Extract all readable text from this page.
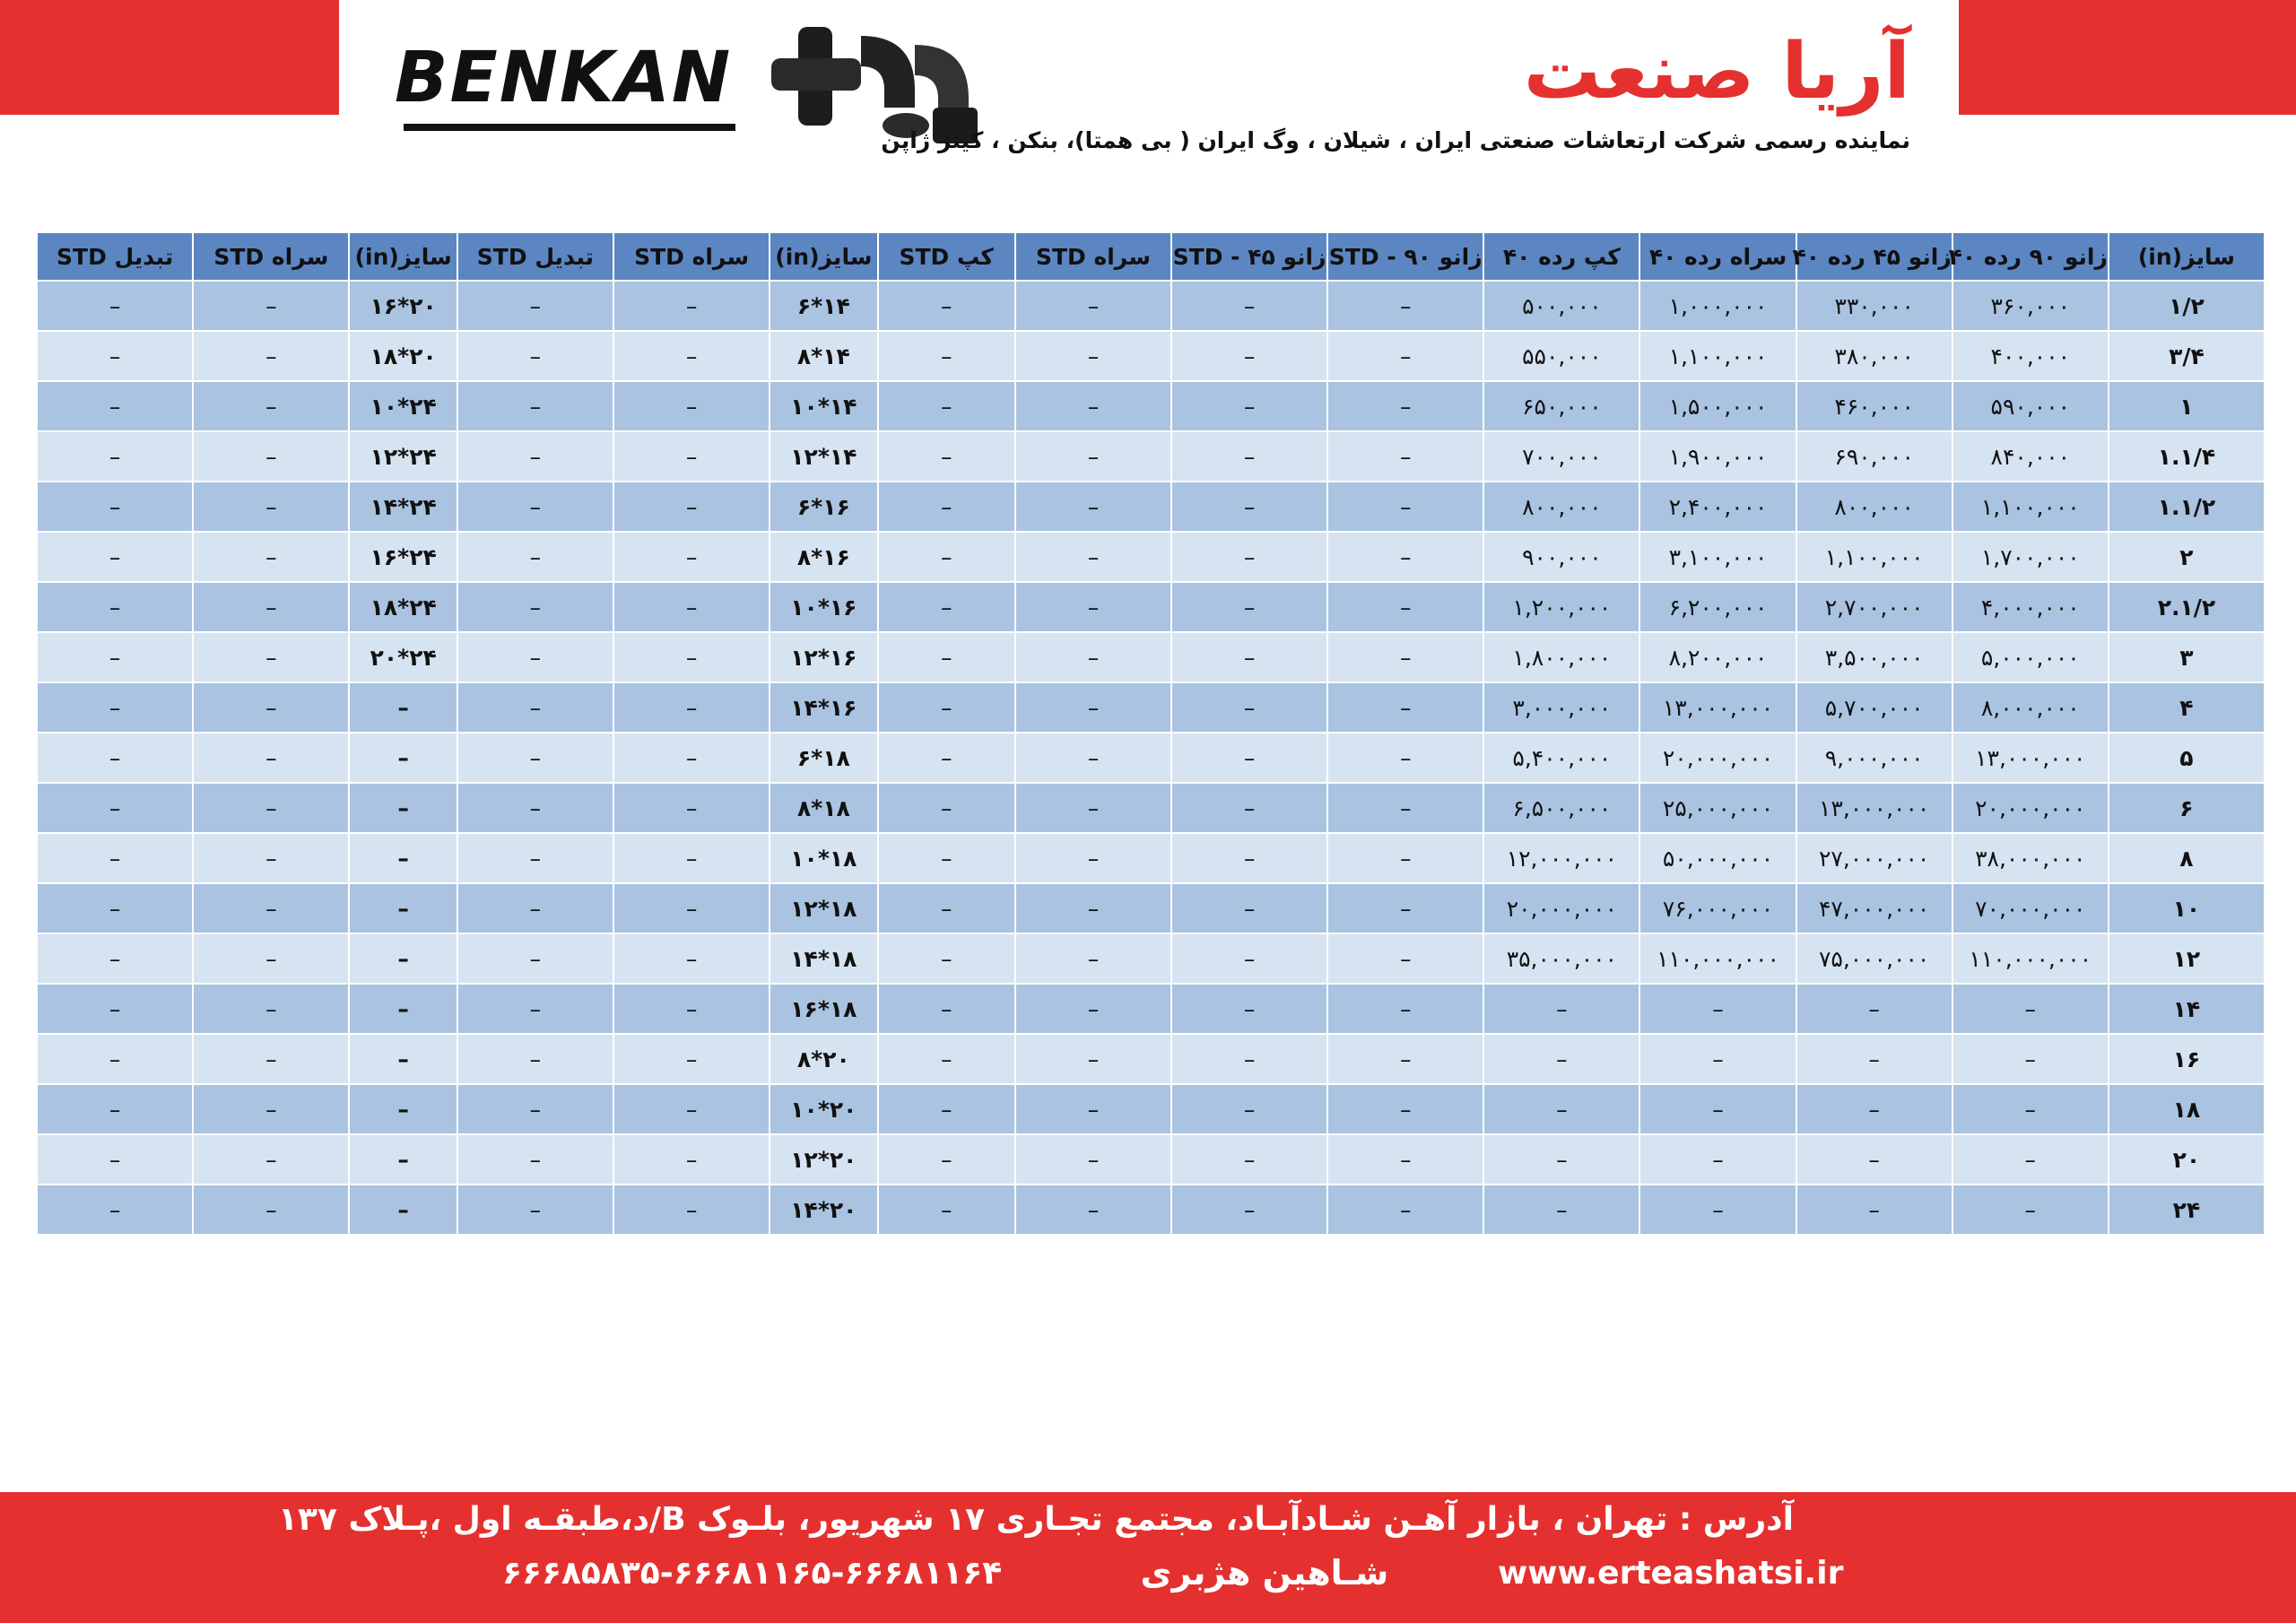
BENKAN	آریا صنعت
نماینده رسمی شرکت ارتعاشات صنعتی ایران ، شیلان ، وگ ایران ( بی همتا)، بنکن ، کیتز ژاپن
سایز(in)	زانو ۹۰ رده ۴۰	زانو ۴۵ رده ۴۰	سراه رده ۴۰	کپ رده ۴۰	زانو ۹۰ - STD	زانو ۴۵ - STD	سراه STD	کپ STD	سایز(in)	سراه STD	تبدیل STD	سایز(in)	سراه STD	تبدیل STD
۱/۲	۳۶۰,۰۰۰	۳۳۰,۰۰۰	۱,۰۰۰,۰۰۰	۵۰۰,۰۰۰	–	–	–	–	۱۴*۶	–	–	۲۰*۱۶	–	–
۳/۴	۴۰۰,۰۰۰	۳۸۰,۰۰۰	۱,۱۰۰,۰۰۰	۵۵۰,۰۰۰	–	–	–	–	۱۴*۸	–	–	۲۰*۱۸	–	–
۱	۵۹۰,۰۰۰	۴۶۰,۰۰۰	۱,۵۰۰,۰۰۰	۶۵۰,۰۰۰	–	–	–	–	۱۴*۱۰	–	–	۲۴*۱۰	–	–
۱.۱/۴	۸۴۰,۰۰۰	۶۹۰,۰۰۰	۱,۹۰۰,۰۰۰	۷۰۰,۰۰۰	–	–	–	–	۱۴*۱۲	–	–	۲۴*۱۲	–	–
۱.۱/۲	۱,۱۰۰,۰۰۰	۸۰۰,۰۰۰	۲,۴۰۰,۰۰۰	۸۰۰,۰۰۰	–	–	–	–	۱۶*۶	–	–	۲۴*۱۴	–	–
۲	۱,۷۰۰,۰۰۰	۱,۱۰۰,۰۰۰	۳,۱۰۰,۰۰۰	۹۰۰,۰۰۰	–	–	–	–	۱۶*۸	–	–	۲۴*۱۶	–	–
۲.۱/۲	۴,۰۰۰,۰۰۰	۲,۷۰۰,۰۰۰	۶,۲۰۰,۰۰۰	۱,۲۰۰,۰۰۰	–	–	–	–	۱۶*۱۰	–	–	۲۴*۱۸	–	–
۳	۵,۰۰۰,۰۰۰	۳,۵۰۰,۰۰۰	۸,۲۰۰,۰۰۰	۱,۸۰۰,۰۰۰	–	–	–	–	۱۶*۱۲	–	–	۲۴*۲۰	–	–
۴	۸,۰۰۰,۰۰۰	۵,۷۰۰,۰۰۰	۱۳,۰۰۰,۰۰۰	۳,۰۰۰,۰۰۰	–	–	–	–	۱۶*۱۴	–	–	–	–	–
۵	۱۳,۰۰۰,۰۰۰	۹,۰۰۰,۰۰۰	۲۰,۰۰۰,۰۰۰	۵,۴۰۰,۰۰۰	–	–	–	–	۱۸*۶	–	–	–	–	–
۶	۲۰,۰۰۰,۰۰۰	۱۳,۰۰۰,۰۰۰	۲۵,۰۰۰,۰۰۰	۶,۵۰۰,۰۰۰	–	–	–	–	۱۸*۸	–	–	–	–	–
۸	۳۸,۰۰۰,۰۰۰	۲۷,۰۰۰,۰۰۰	۵۰,۰۰۰,۰۰۰	۱۲,۰۰۰,۰۰۰	–	–	–	–	۱۸*۱۰	–	–	–	–	–
۱۰	۷۰,۰۰۰,۰۰۰	۴۷,۰۰۰,۰۰۰	۷۶,۰۰۰,۰۰۰	۲۰,۰۰۰,۰۰۰	–	–	–	–	۱۸*۱۲	–	–	–	–	–
۱۲	۱۱۰,۰۰۰,۰۰۰	۷۵,۰۰۰,۰۰۰	۱۱۰,۰۰۰,۰۰۰	۳۵,۰۰۰,۰۰۰	–	–	–	–	۱۸*۱۴	–	–	–	–	–
۱۴	–	–	–	–	–	–	–	–	۱۸*۱۶	–	–	–	–	–
۱۶	–	–	–	–	–	–	–	–	۲۰*۸	–	–	–	–	–
۱۸	–	–	–	–	–	–	–	–	۲۰*۱۰	–	–	–	–	–
۲۰	–	–	–	–	–	–	–	–	۲۰*۱۲	–	–	–	–	–
۲۴	–	–	–	–	–	–	–	–	۲۰*۱۴	–	–	–	–	–
آدرس : تهران ، بازار آهـن شـادآبـاد، مجتمع تجـاری ۱۷ شهریور، بلـوک B/د،طبقـه اول ،پـلاک ۱۳۷
www.erteashatsi.ir
شـاهین هژبری
۶۶۶۸۵۸۳۵-۶۶۶۸۱۱۶۵-۶۶۶۸۱۱۶۴
